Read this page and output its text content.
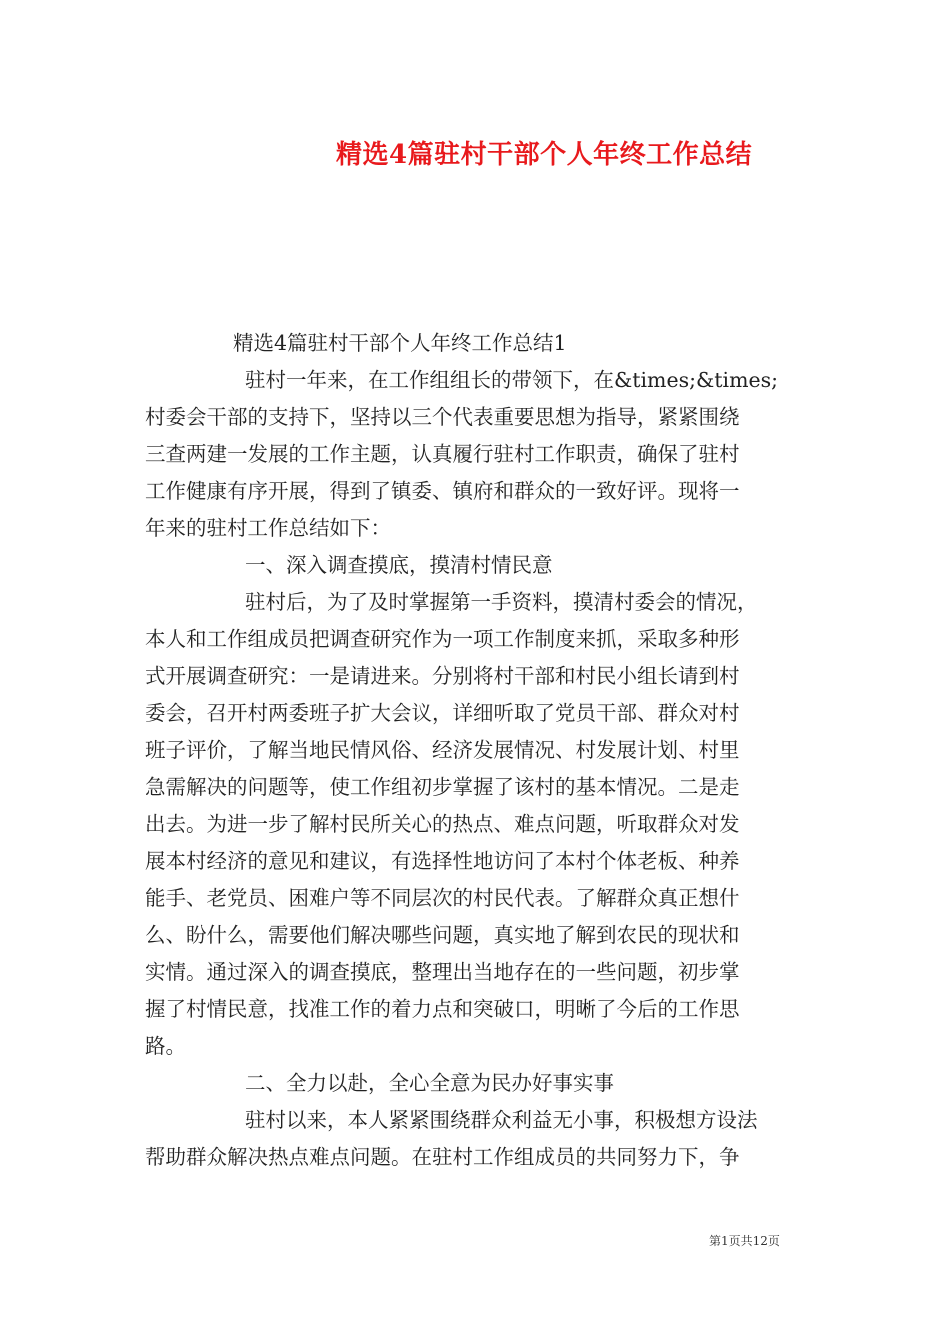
精选4篇驻村干部个人年终工作总结
精选4篇驻村干部个人年终工作总结1
驻村一年来，在工作组组长的带领下，在&times;&times;
村委会干部的支持下，坚持以三个代表重要思想为指导，紧紧围绕
三查两建一发展的工作主题，认真履行驻村工作职责，确保了驻村
工作健康有序开展，得到了镇委、镇府和群众的一致好评。现将一
年来的驻村工作总结如下：
一、深入调查摸底，摸清村情民意
驻村后，为了及时掌握第一手资料，摸清村委会的情况，
本人和工作组成员把调查研究作为一项工作制度来抓，采取多种形
式开展调查研究：一是请进来。分别将村干部和村民小组长请到村
委会，召开村两委班子扩大会议，详细听取了党员干部、群众对村
班子评价，了解当地民情风俗、经济发展情况、村发展计划、村里
急需解决的问题等，使工作组初步掌握了该村的基本情况。二是走
出去。为进一步了解村民所关心的热点、难点问题，听取群众对发
展本村经济的意见和建议，有选择性地访问了本村个体老板、种养
能手、老党员、困难户等不同层次的村民代表。了解群众真正想什
么、盼什么，需要他们解决哪些问题，真实地了解到农民的现状和
实情。通过深入的调查摸底，整理出当地存在的一些问题，初步掌
握了村情民意，找准工作的着力点和突破口，明晰了今后的工作思
路。
二、全力以赴，全心全意为民办好事实事
驻村以来，本人紧紧围绕群众利益无小事，积极想方设法
帮助群众解决热点难点问题。在驻村工作组成员的共同努力下，争
第1页共12页
